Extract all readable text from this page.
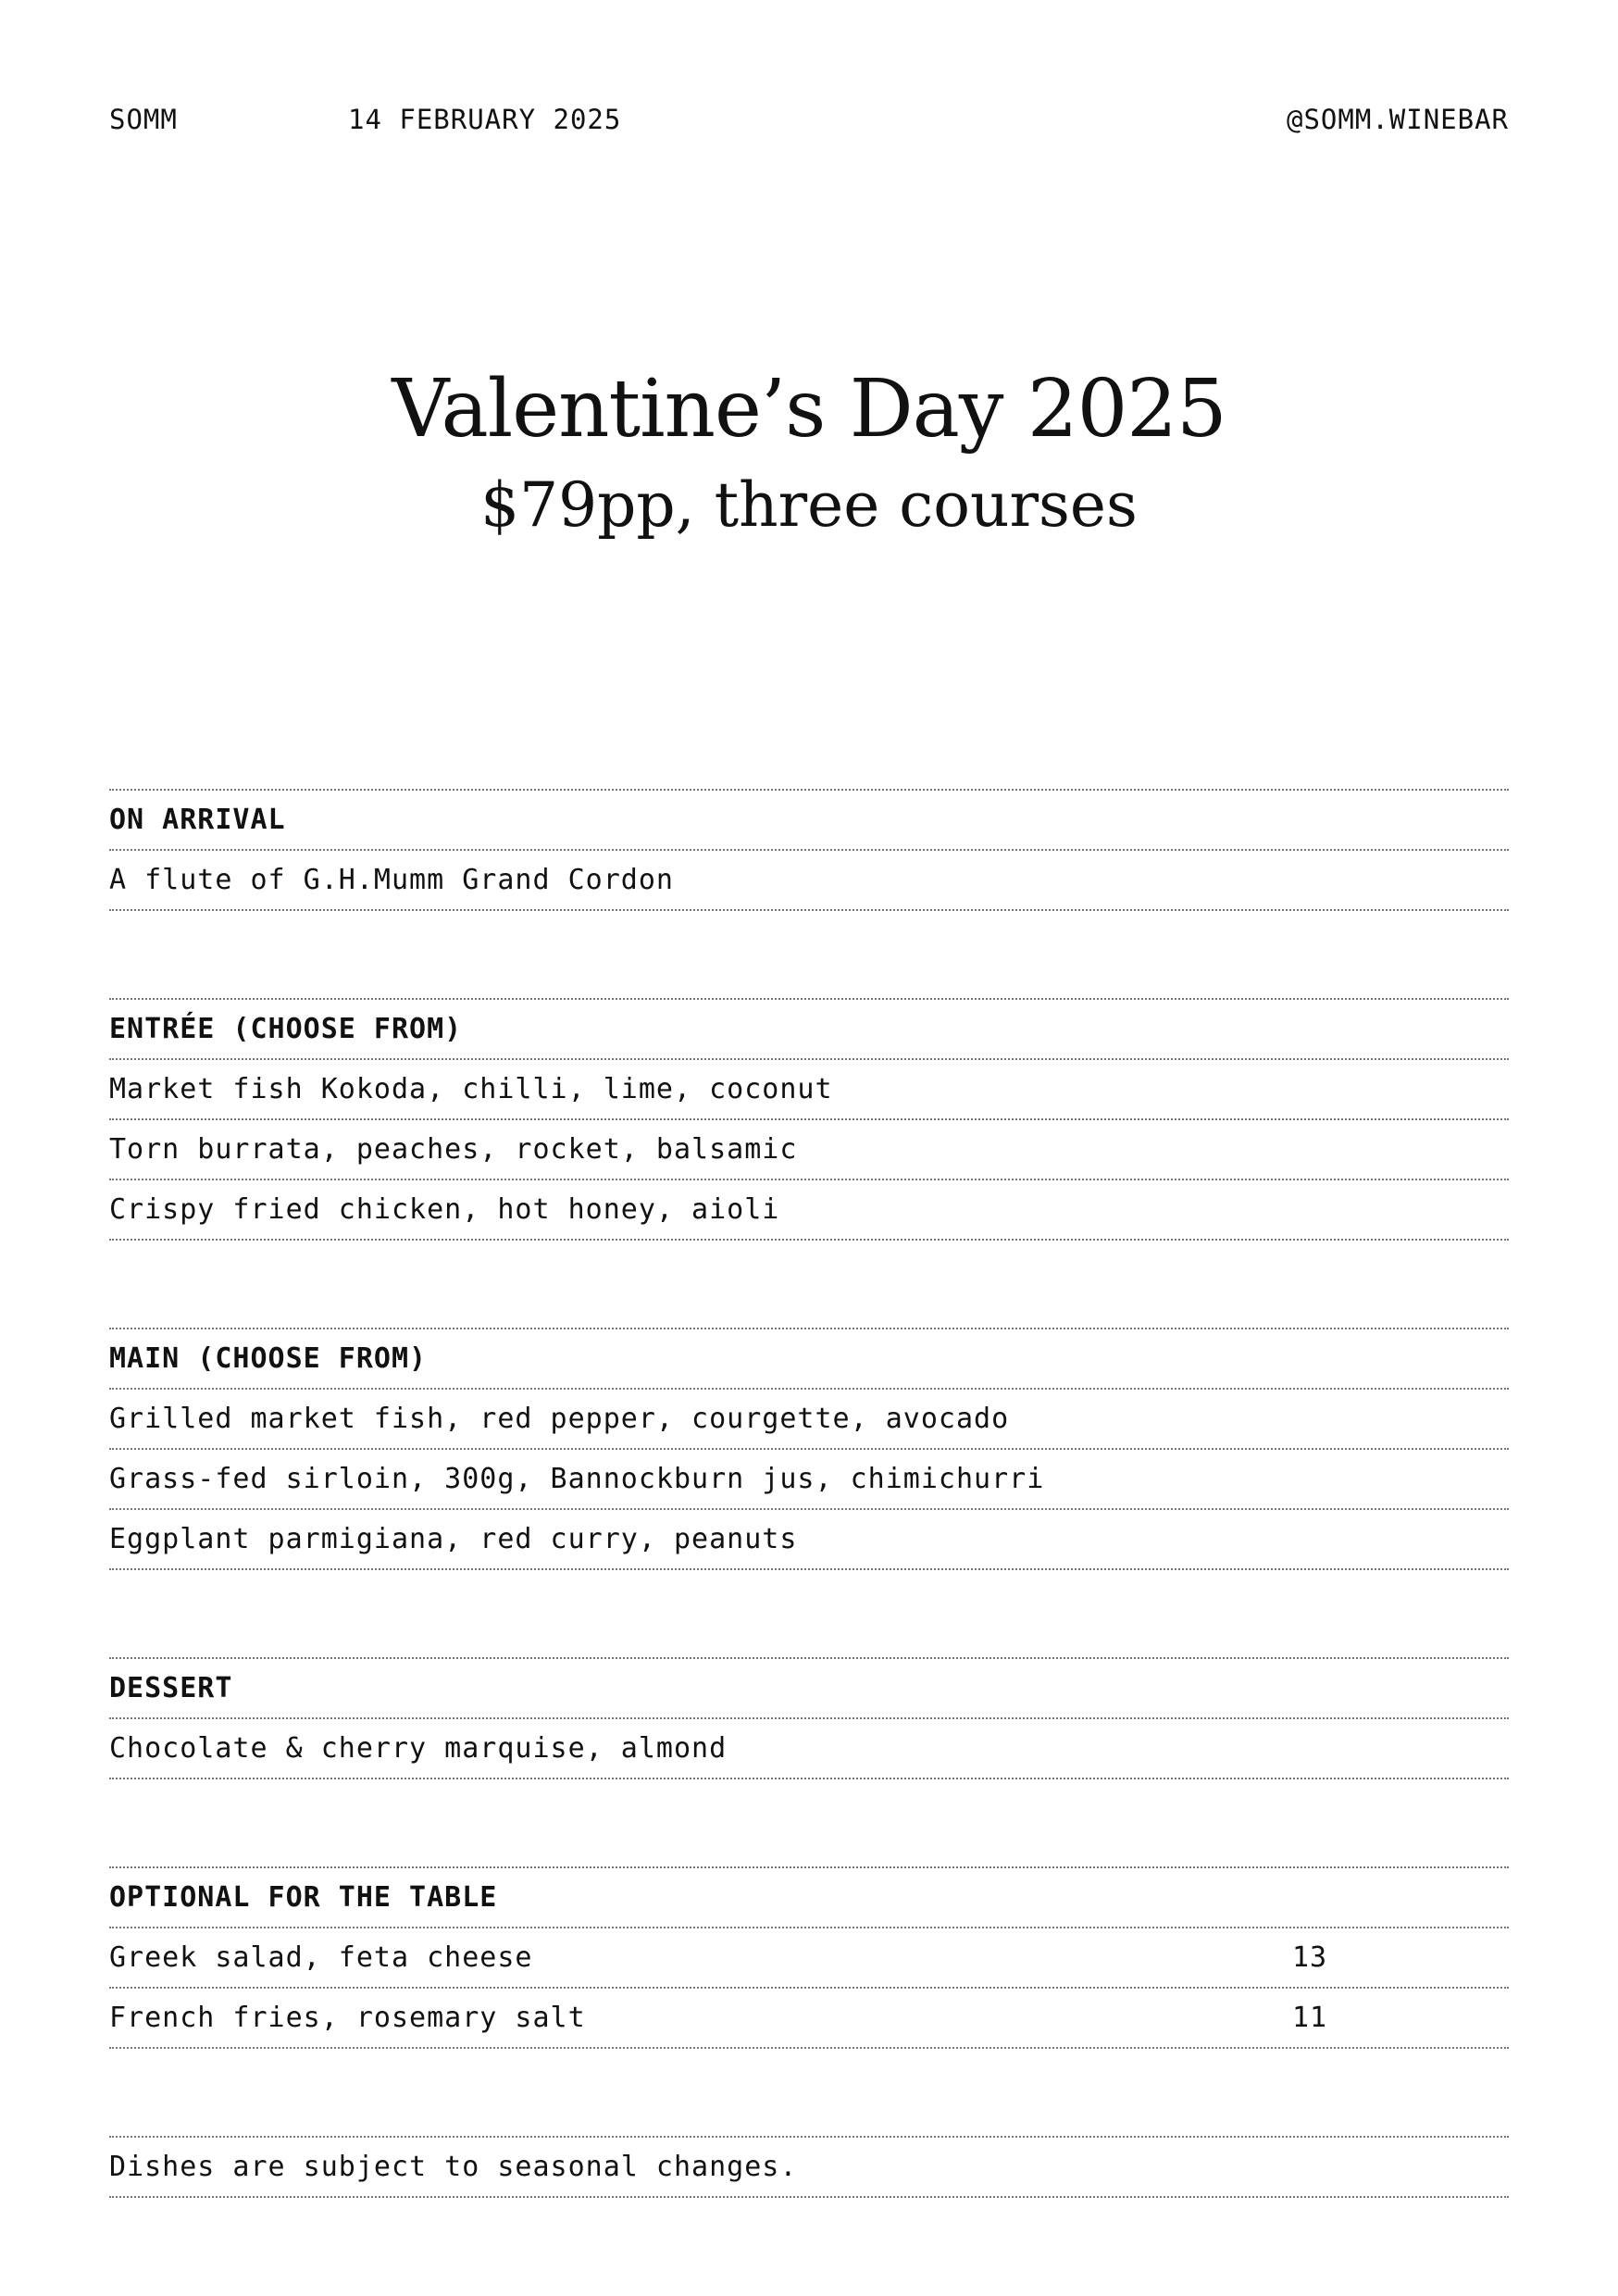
SOMM	14 FEBRUARY 2025	@SOMM.WINEBAR
Valentine’s Day 2025
$79pp, three courses
ON ARRIVAL
A flute of G.H.Mumm Grand Cordon
ENTRÉE (CHOOSE FROM)
Market fish Kokoda, chilli, lime, coconut
Torn burrata, peaches, rocket, balsamic
Crispy fried chicken, hot honey, aioli
MAIN (CHOOSE FROM)
Grilled market fish, red pepper, courgette, avocado
Grass-fed sirloin, 300g, Bannockburn jus, chimichurri
Eggplant parmigiana, red curry, peanuts
DESSERT
Chocolate & cherry marquise, almond
OPTIONAL FOR THE TABLE
Greek salad, feta cheese	13
French fries, rosemary salt	11
Dishes are subject to seasonal changes.
